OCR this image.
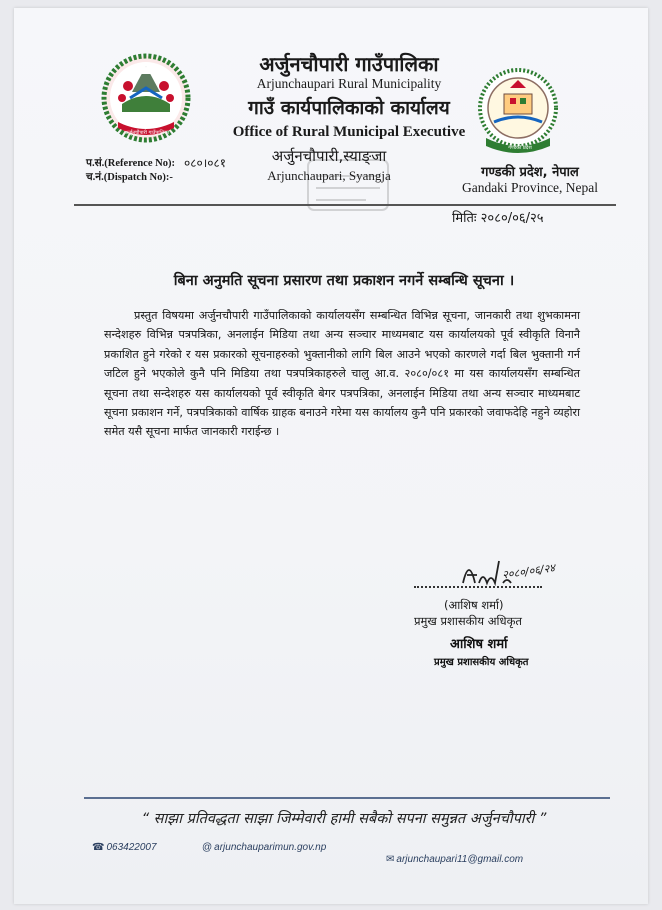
अर्जुनचौपारी गाउँपालिका
अर्जुनचौपारी गाउँपालिका
Arjunchaupari Rural Municipality
गाउँ कार्यपालिकाको कार्यालय
Office of Rural Municipal Executive
अर्जुनचौपारी,स्याङ्जा
Arjunchaupari, Syangja
गण्डकी प्रदेश
गण्डकी प्रदेश, नेपाल
Gandaki Province, Nepal
प.सं.(Reference No): ०८०।०८१
च.नं.(Dispatch No):-
मितिः २०८०/०६/२५
बिना अनुमति सूचना प्रसारण तथा प्रकाशन नगर्ने सम्बन्धि सूचना ।
प्रस्तुत विषयमा अर्जुनचौपारी गाउँपालिकाको कार्यालयसँग सम्बन्धित विभिन्न सूचना, जानकारी तथा शुभकामना सन्देशहरु विभिन्न पत्रपत्रिका, अनलाईन मिडिया तथा अन्य सञ्चार माध्यमबाट यस कार्यालयको पूर्व स्वीकृति विनानै प्रकाशित हुने गरेको र यस प्रकारको सूचनाहरुको भुक्तानीको लागि बिल आउने भएको कारणले गर्दा बिल भुक्तानी गर्न जटिल हुने भएकोले कुनै पनि मिडिया तथा पत्रपत्रिकाहरुले चालु आ.व. २०८०/०८१ मा यस कार्यालयसँग सम्बन्धित सूचना तथा सन्देशहरु यस कार्यालयको पूर्व स्वीकृति बेगर पत्रपत्रिका, अनलाईन मिडिया तथा अन्य सञ्चार माध्यमबाट सूचना प्रकाशन गर्ने, पत्रपत्रिकाको वार्षिक ग्राहक बनाउने गरेमा यस कार्यालय कुनै पनि प्रकारको जवाफदेहि नहुने व्यहोरा समेत यसै सूचना मार्फत जानकारी गराईन्छ ।
२०८०/०६/२४
(आशिष शर्मा)
प्रमुख प्रशासकीय अधिकृत
आशिष शर्मा
प्रमुख प्रशासकीय अधिकृत
“ साझा प्रतिवद्धता साझा जिम्मेवारी हामी सबैको सपना समुन्नत अर्जुनचौपारी ”
☎ 063422007	@ arjunchauparimun.gov.np
✉ arjunchaupari11@gmail.com
